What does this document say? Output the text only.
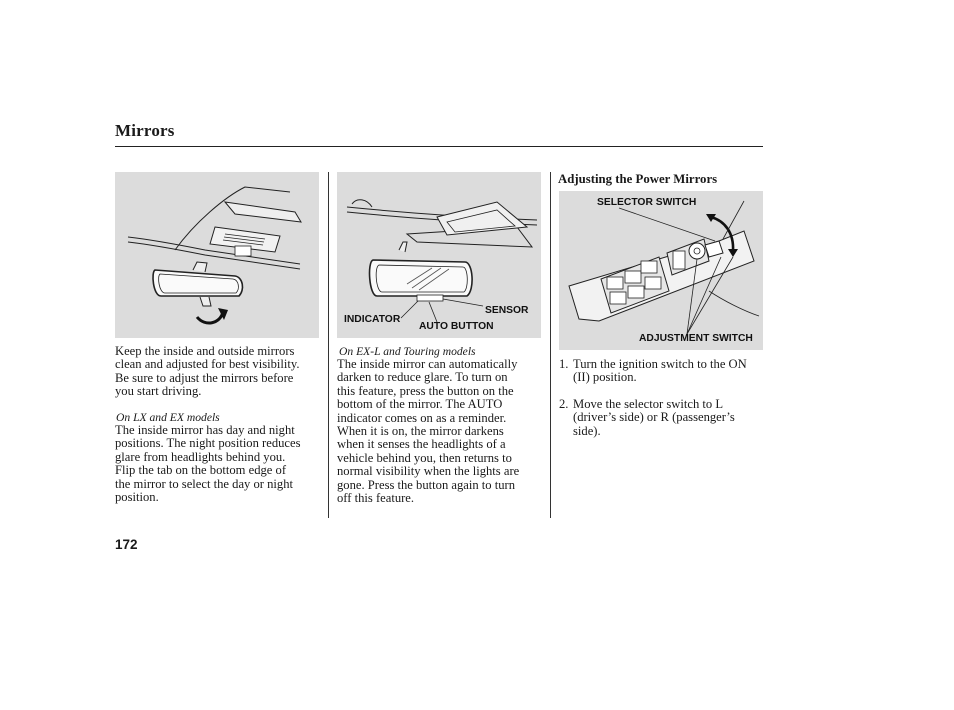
Mirrors
Keep the inside and outside mirrors
clean and adjusted for best visibility.
Be sure to adjust the mirrors before
you start driving.
On LX and EX models
The inside mirror has day and night
positions. The night position reduces
glare from headlights behind you.
Flip the tab on the bottom edge of
the mirror to select the day or night
position.
INDICATOR
SENSOR
AUTO BUTTON
On EX-L and Touring models
The inside mirror can automatically
darken to reduce glare. To turn on
this feature, press the button on the
bottom of the mirror. The AUTO
indicator comes on as a reminder.
When it is on, the mirror darkens
when it senses the headlights of a
vehicle behind you, then returns to
normal visibility when the lights are
gone. Press the button again to turn
off this feature.
Adjusting the Power Mirrors
SELECTOR SWITCH
ADJUSTMENT SWITCH
1. Turn the ignition switch to the ON
(II) position.
2. Move the selector switch to L
(driver’s side) or R (passenger’s
side).
172
